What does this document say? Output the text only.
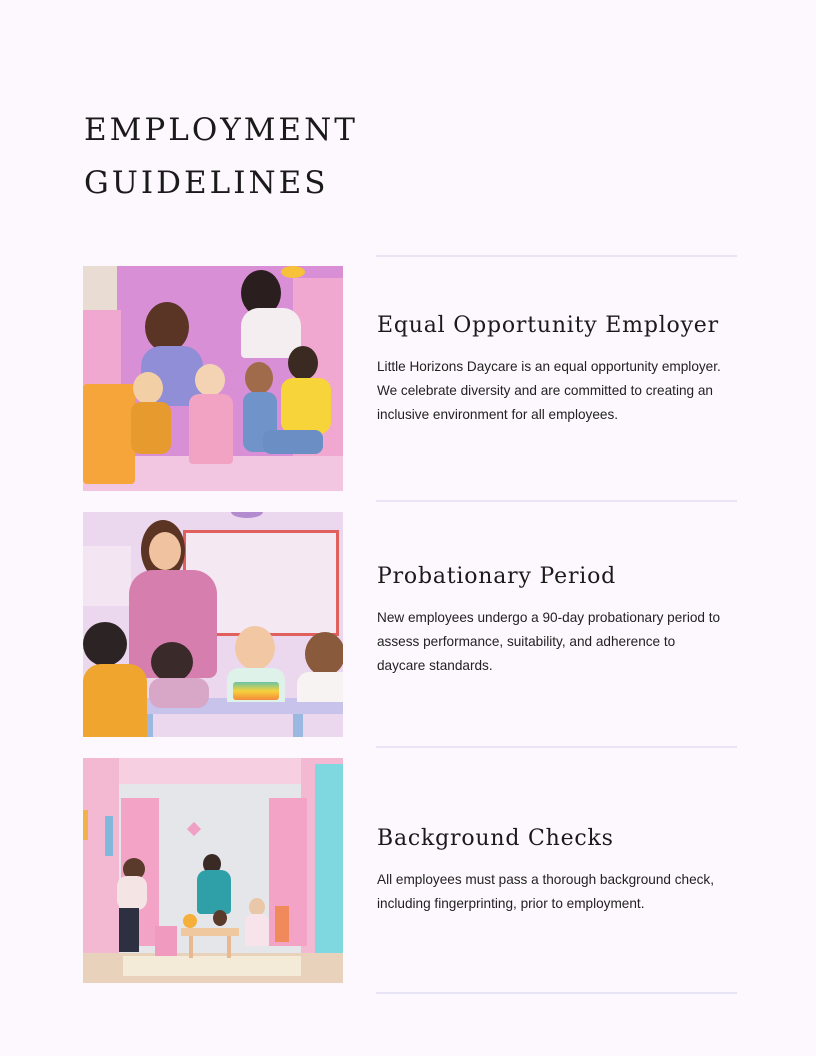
EMPLOYMENT
GUIDELINES
Equal Opportunity Employer

Little Horizons Daycare is an equal opportunity employer. We celebrate diversity and are committed to creating an inclusive environment for all employees.

Probationary Period

New employees undergo a 90-day probationary period to assess performance, suitability, and adherence to daycare standards.

Background Checks

All employees must pass a thorough background check, including fingerprinting, prior to employment.
